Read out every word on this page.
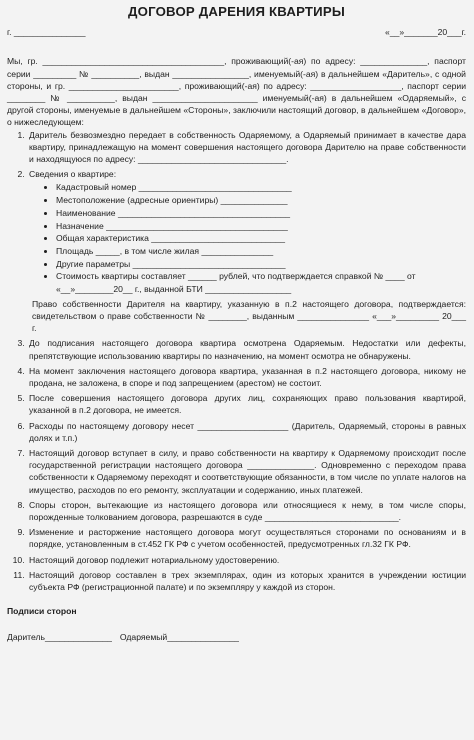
ДОГОВОР ДАРЕНИЯ КВАРТИРЫ
г. _______________	«__»_______20___г.

Мы, гр. ______________________________________, проживающий(-ая) по адресу: ______________, паспорт серии _________ № __________, выдан ________________, именуемый(-ая) в дальнейшем «Даритель», с одной стороны, и гр. _______________________, проживающий(-ая) по адресу: ___________________, паспорт серии ________ № __________, выдан ______________________ именуемый(-ая) в дальнейшем «Одаряемый», с другой стороны, именуемые в дальнейшем «Стороны», заключили настоящий договор, в дальнейшем «Договор», о нижеследующем:

1. Даритель безвозмездно передает в собственность Одаряемому, а Одаряемый принимает в качестве дара квартиру, принадлежащую на момент совершения настоящего договора Дарителю на праве собственности и находящуюся по адресу: _______________________________.
2. Сведения о квартире:
• Кадастровый номер ________________________________
• Местоположение (адресные ориентиры) ______________
• Наименование ____________________________________
• Назначение ______________________________________
• Общая характеристика ____________________________
• Площадь _____, в том числе жилая _______________
• Другие параметры ________________________________
• Стоимость квартиры составляет ______ рублей, что подтверждается справкой № ____ от «__»________20__ г., выданной БТИ __________________

Право собственности Дарителя на квартиру, указанную в п.2 настоящего договора, подтверждается: свидетельством о праве собственности № ________, выданным _______________ «___»_________ 20___ г.

3. До подписания настоящего договора квартира осмотрена Одаряемым. Недостатки или дефекты, препятствующие использованию квартиры по назначению, на момент осмотра не обнаружены.
4. На момент заключения настоящего договора квартира, указанная в п.2 настоящего договора, никому не продана, не заложена, в споре и под запрещением (арестом) не состоит.
5. После совершения настоящего договора других лиц, сохраняющих право пользования квартирой, указанной в п.2 договора, не имеется.
6. Расходы по настоящему договору несет ___________________ (Даритель, Одаряемый, стороны в равных долях и т.п.)
7. Настоящий договор вступает в силу, и право собственности на квартиру к Одаряемому происходит после государственной регистрации настоящего договора ______________. Одновременно с переходом права собственности к Одаряемому переходят и соответствующие обязанности, в том числе по уплате налогов на имущество, расходов по его ремонту, эксплуатации и содержанию, иных платежей.
8. Споры сторон, вытекающие из настоящего договора или относящиеся к нему, в том числе споры, порожденные толкованием договора, разрешаются в суде ____________________________.
9. Изменение и расторжение настоящего договора могут осуществляться сторонами по основаниям и в порядке, установленным в ст.452 ГК РФ с учетом особенностей, предусмотренных гл.32 ГК РФ.
10. Настоящий договор подлежит нотариальному удостоверению.
11. Настоящий договор составлен в трех экземплярах, один из которых хранится в учреждении юстиции субъекта РФ (регистрационной палате) и по экземпляру у каждой из сторон.
Подписи сторон
Даритель______________ Одаряемый_______________
